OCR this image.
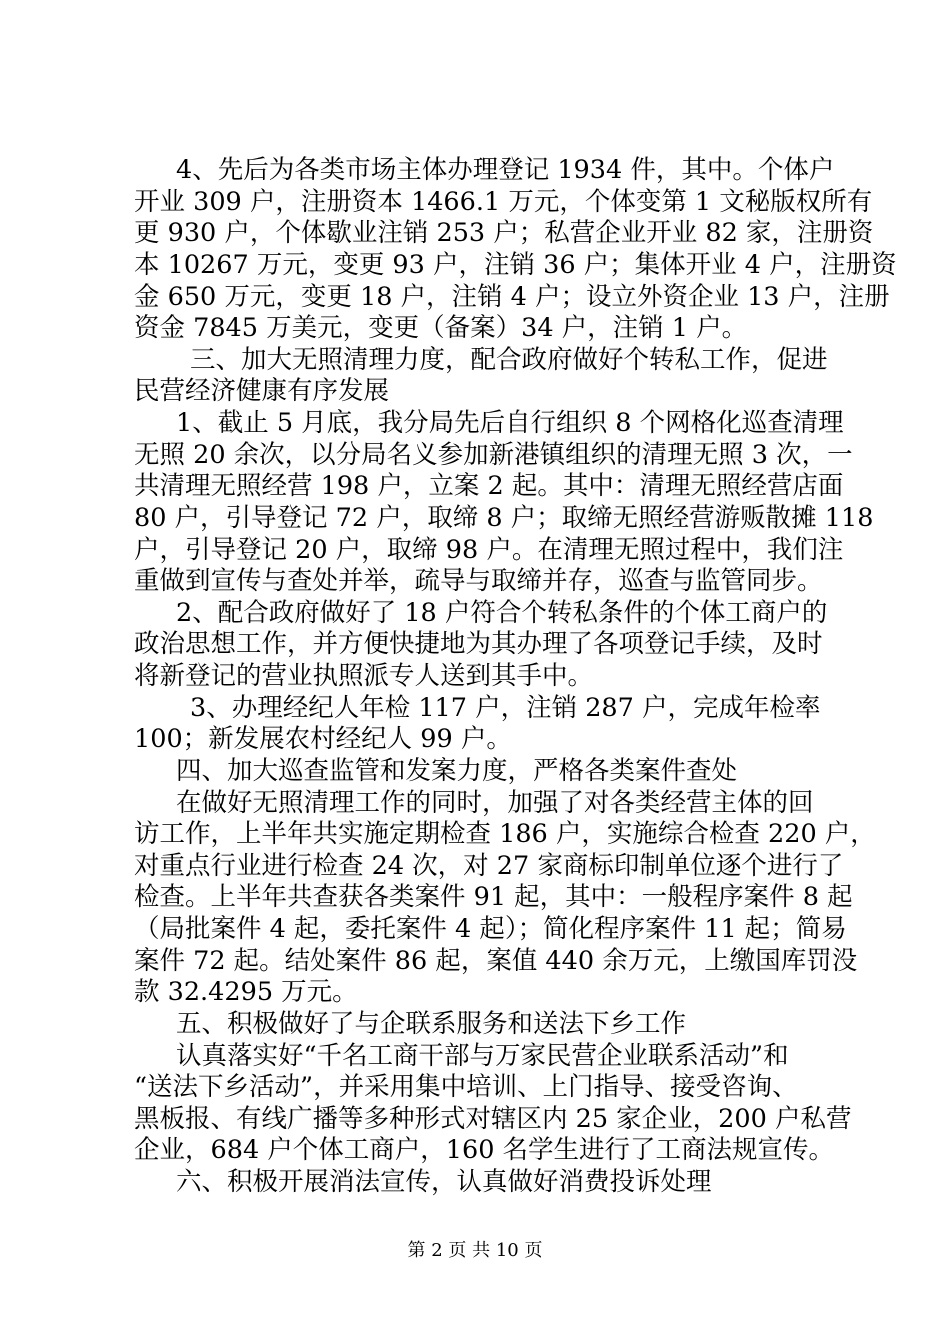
4、先后为各类市场主体办理登记 1934 件，其中。个体户
开业 309 户，注册资本 1466.1 万元，个体变第 1 文秘版权所有
更 930 户，个体歇业注销 253 户；私营企业开业 82 家，注册资
本 10267 万元，变更 93 户，注销 36 户；集体开业 4 户，注册资
金 650 万元，变更 18 户，注销 4 户；设立外资企业 13 户，注册
资金 7845 万美元，变更（备案）34 户，注销 1 户。
三、加大无照清理力度，配合政府做好个转私工作，促进
民营经济健康有序发展
1、截止 5 月底，我分局先后自行组织 8 个网格化巡查清理
无照 20 余次，以分局名义参加新港镇组织的清理无照 3 次，一
共清理无照经营 198 户，立案 2 起。其中：清理无照经营店面
80 户，引导登记 72 户，取缔 8 户；取缔无照经营游贩散摊 118
户，引导登记 20 户，取缔 98 户。在清理无照过程中，我们注
重做到宣传与查处并举，疏导与取缔并存，巡查与监管同步。
2、配合政府做好了 18 户符合个转私条件的个体工商户的
政治思想工作，并方便快捷地为其办理了各项登记手续，及时
将新登记的营业执照派专人送到其手中。
3、办理经纪人年检 117 户，注销 287 户，完成年检率
100；新发展农村经纪人 99 户。
四、加大巡查监管和发案力度，严格各类案件查处
在做好无照清理工作的同时，加强了对各类经营主体的回
访工作，上半年共实施定期检查 186 户，实施综合检查 220 户，
对重点行业进行检查 24 次，对 27 家商标印制单位逐个进行了
检查。上半年共查获各类案件 91 起，其中：一般程序案件 8 起
（局批案件 4 起，委托案件 4 起）；简化程序案件 11 起；简易
案件 72 起。结处案件 86 起，案值 440 余万元，上缴国库罚没
款 32.4295 万元。
五、积极做好了与企联系服务和送法下乡工作
认真落实好“千名工商干部与万家民营企业联系活动”和
“送法下乡活动”，并采用集中培训、上门指导、接受咨询、
黑板报、有线广播等多种形式对辖区内 25 家企业，200 户私营
企业，684 户个体工商户，160 名学生进行了工商法规宣传。
六、积极开展消法宣传，认真做好消费投诉处理
第 2 页 共 10 页
